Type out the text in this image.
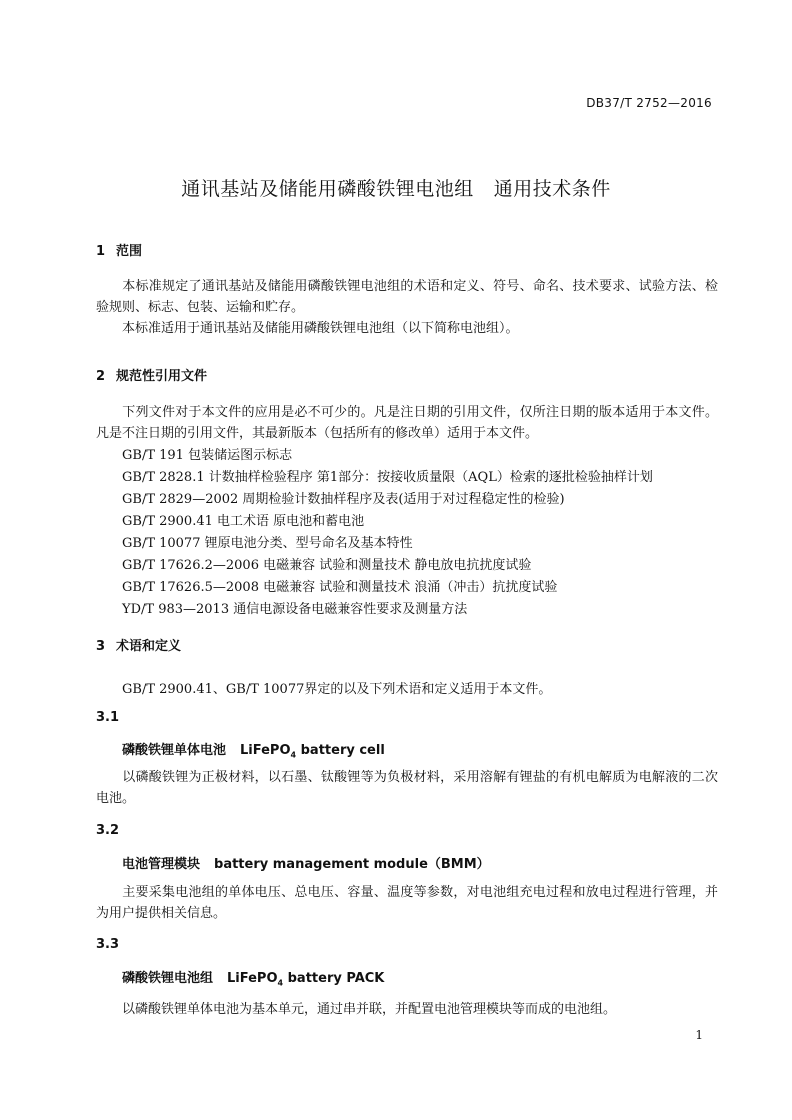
DB37/T 2752—2016
通讯基站及储能用磷酸铁锂电池组 通用技术条件
1 范围
本标准规定了通讯基站及储能用磷酸铁锂电池组的术语和定义、符号、命名、技术要求、试验方法、检验规则、标志、包装、运输和贮存。
本标准适用于通讯基站及储能用磷酸铁锂电池组（以下简称电池组）。
2 规范性引用文件
下列文件对于本文件的应用是必不可少的。凡是注日期的引用文件，仅所注日期的版本适用于本文件。凡是不注日期的引用文件，其最新版本（包括所有的修改单）适用于本文件。
GB/T 191 包装储运图示标志
GB/T 2828.1 计数抽样检验程序 第1部分：按接收质量限（AQL）检索的逐批检验抽样计划
GB/T 2829—2002 周期检验计数抽样程序及表(适用于对过程稳定性的检验)
GB/T 2900.41 电工术语 原电池和蓄电池
GB/T 10077 锂原电池分类、型号命名及基本特性
GB/T 17626.2—2006 电磁兼容 试验和测量技术 静电放电抗扰度试验
GB/T 17626.5—2008 电磁兼容 试验和测量技术 浪涌（冲击）抗扰度试验
YD/T 983—2013 通信电源设备电磁兼容性要求及测量方法
3 术语和定义
GB/T 2900.41、GB/T 10077界定的以及下列术语和定义适用于本文件。
3.1
磷酸铁锂单体电池 LiFePO$_4$ battery cell
以磷酸铁锂为正极材料，以石墨、钛酸锂等为负极材料，采用溶解有锂盐的有机电解质为电解液的二次电池。
3.2
电池管理模块 battery management module（BMM）
主要采集电池组的单体电压、总电压、容量、温度等参数，对电池组充电过程和放电过程进行管理，并为用户提供相关信息。
3.3
磷酸铁锂电池组 LiFePO$_4$ battery PACK
以磷酸铁锂单体电池为基本单元，通过串并联，并配置电池管理模块等而成的电池组。
1
